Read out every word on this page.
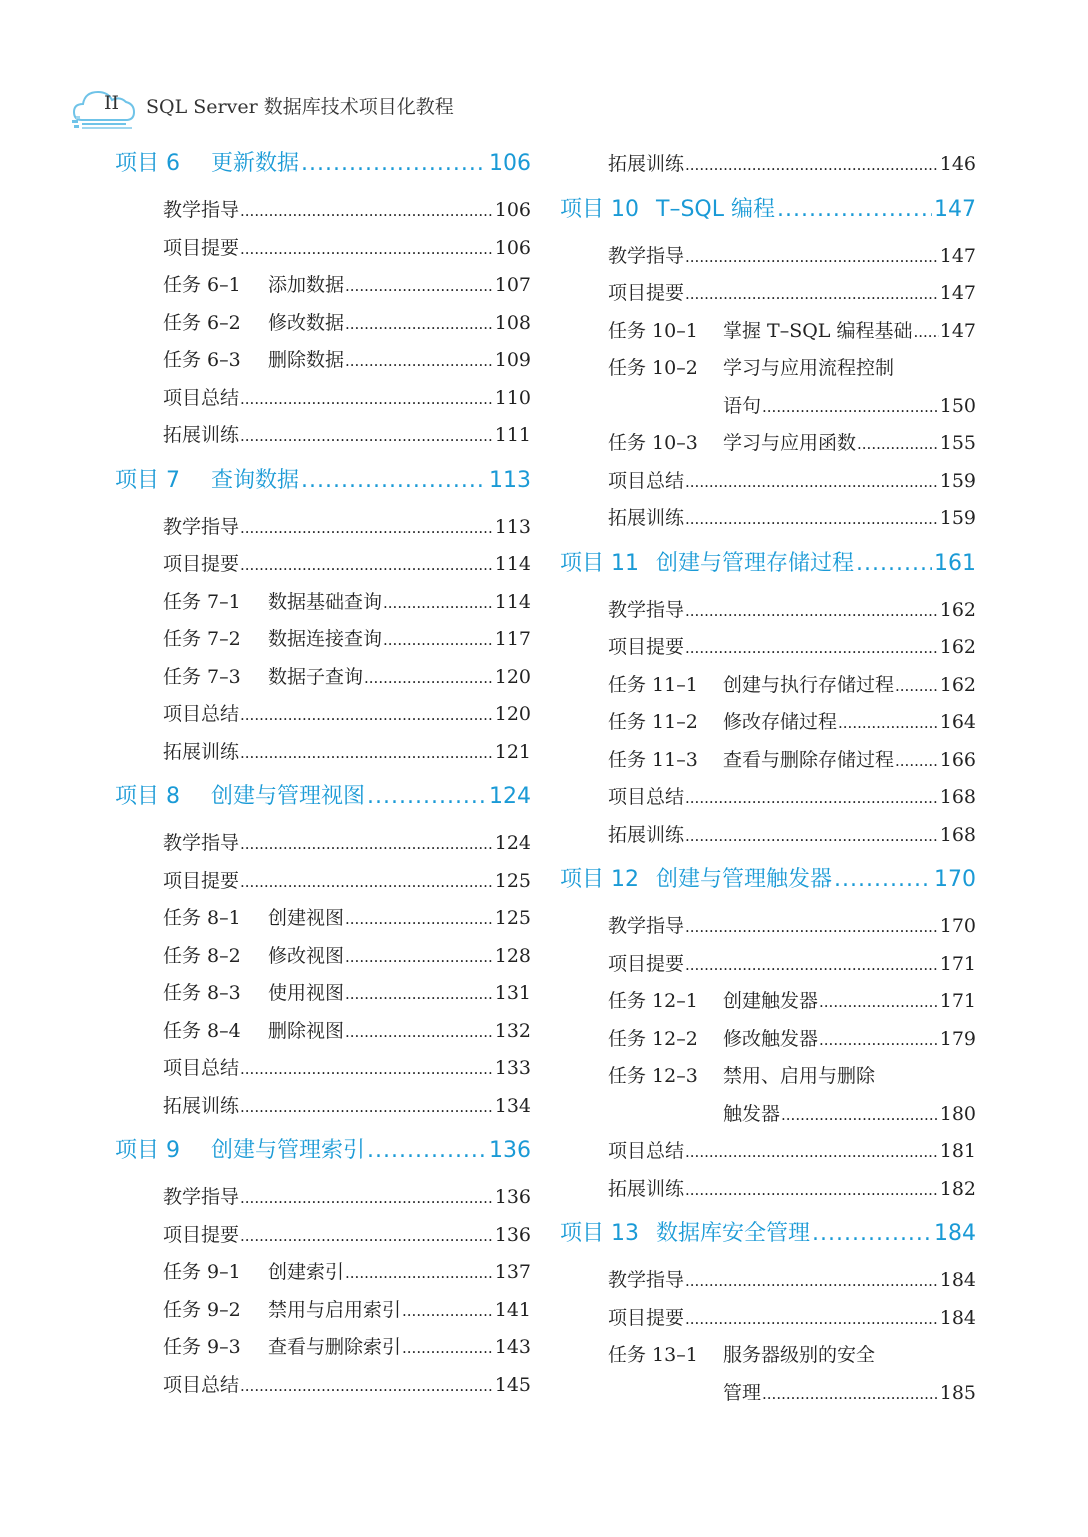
II SQL Server 数据库技术项目化教程
项目 6	更新数据 .....	106
教学指导 .....	106
项目提要 .....	106
任务 6–1	添加数据 .....	107
任务 6–2	修改数据 .....	108
任务 6–3	删除数据 .....	109
项目总结 .....	110
拓展训练 .....	111
项目 7	查询数据 .....	113
教学指导 .....	113
项目提要 .....	114
任务 7–1	数据基础查询 .....	114
任务 7–2	数据连接查询 .....	117
任务 7–3	数据子查询 .....	120
项目总结 .....	120
拓展训练 .....	121
项目 8	创建与管理视图 .....	124
教学指导 .....	124
项目提要 .....	125
任务 8–1	创建视图 .....	125
任务 8–2	修改视图 .....	128
任务 8–3	使用视图 .....	131
任务 8–4	删除视图 .....	132
项目总结 .....	133
拓展训练 .....	134
项目 9	创建与管理索引 .....	136
教学指导 .....	136
项目提要 .....	136
任务 9–1	创建索引 .....	137
任务 9–2	禁用与启用索引 .....	141
任务 9–3	查看与删除索引 .....	143
项目总结 .....	145
拓展训练 .....	146
项目 10 T–SQL 编程 .....	147
教学指导 .....	147
项目提要 .....	147
任务 10–1	掌握 T–SQL 编程基础 ..... 147
任务 10–2	学习与应用流程控制
语句 .....	150
任务 10–3	学习与应用函数 .....	155
项目总结 .....	159
拓展训练 .....	159
项目 11 创建与管理存储过程 .....	161
教学指导 .....	162
项目提要 .....	162
任务 11–1	创建与执行存储过程 ..... 162
任务 11–2	修改存储过程 .....	164
任务 11–3	查看与删除存储过程 ..... 166
项目总结 .....	168
拓展训练 .....	168
项目 12 创建与管理触发器 .....	170
教学指导 .....	170
项目提要 .....	171
任务 12–1	创建触发器 .....	171
任务 12–2	修改触发器 .....	179
任务 12–3	禁用、启用与删除
触发器 .....	180
项目总结 .....	181
拓展训练 .....	182
项目 13 数据库安全管理 .....	184
教学指导 .....	184
项目提要 .....	184
任务 13–1	服务器级别的安全
管理 .....	185
